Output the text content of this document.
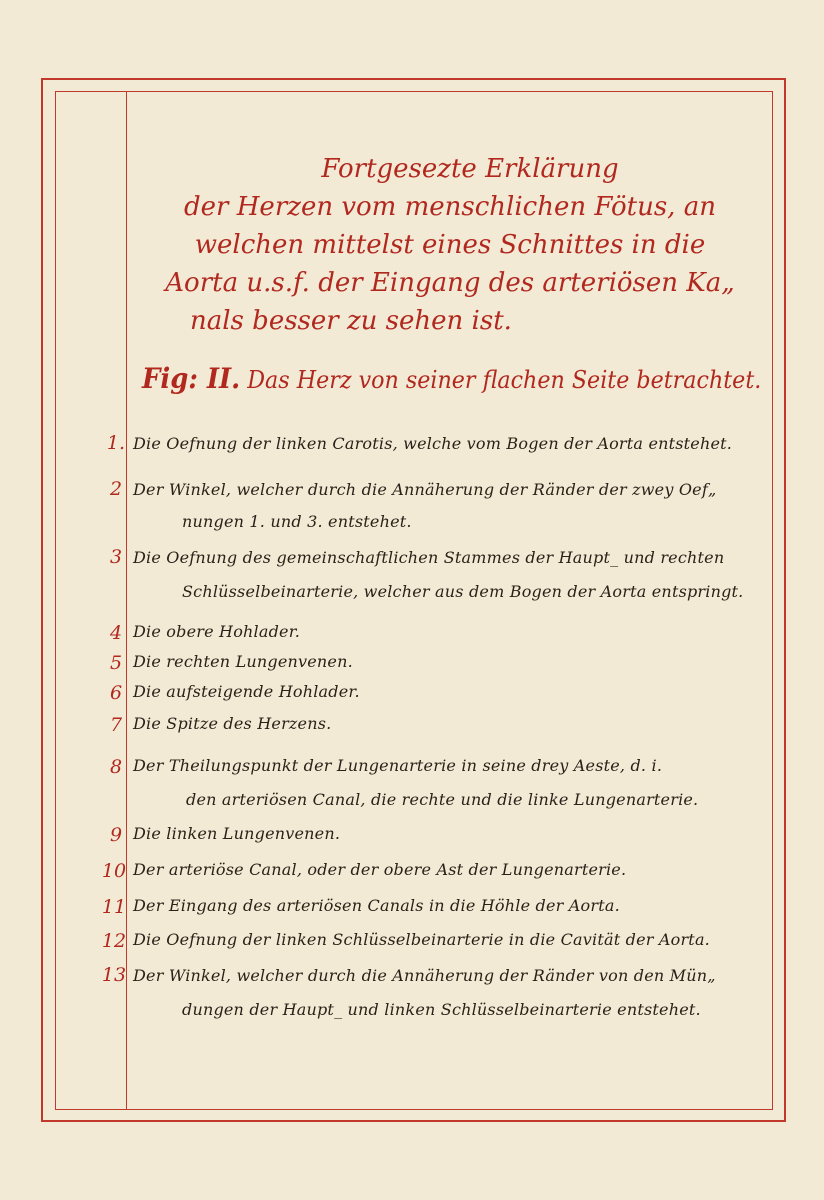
Fortgesezte Erklärung
der Herzen vom menschlichen Fötus, an
welchen mittelst eines Schnittes in die
Aorta u.s.f. der Eingang des arteriösen Ka„
nals besser zu sehen ist.
Fig: II. Das Herz von seiner flachen Seite betrachtet.
1. Die Oefnung der linken Carotis, welche vom Bogen der Aorta entstehet.
2 Der Winkel, welcher durch die Annäherung der Ränder der zwey Oef„
nungen 1. und 3. entstehet.
3 Die Oefnung des gemeinschaftlichen Stammes der Haupt_ und rechten
Schlüsselbeinarterie, welcher aus dem Bogen der Aorta entspringt.
4 Die obere Hohlader.
5 Die rechten Lungenvenen.
6 Die aufsteigende Hohlader.
7 Die Spitze des Herzens.
8 Der Theilungspunkt der Lungenarterie in seine drey Aeste, d. i.
den arteriösen Canal, die rechte und die linke Lungenarterie.
9 Die linken Lungenvenen.
10 Der arteriöse Canal, oder der obere Ast der Lungenarterie.
11 Der Eingang des arteriösen Canals in die Höhle der Aorta.
12 Die Oefnung der linken Schlüsselbeinarterie in die Cavität der Aorta.
13 Der Winkel, welcher durch die Annäherung der Ränder von den Mün„
dungen der Haupt_ und linken Schlüsselbeinarterie entstehet.
